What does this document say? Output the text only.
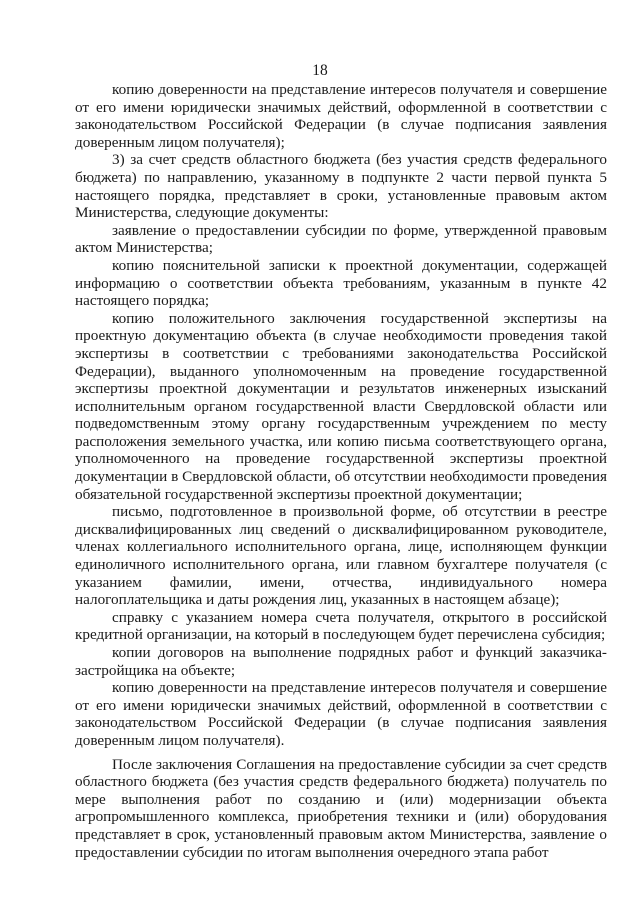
18

копию доверенности на представление интересов получателя и совершение от его имени юридически значимых действий, оформленной в соответствии с законодательством Российской Федерации (в случае подписания заявления доверенным лицом получателя);

3) за счет средств областного бюджета (без участия средств федерального бюджета) по направлению, указанному в подпункте 2 части первой пункта 5 настоящего порядка, представляет в сроки, установленные правовым актом Министерства, следующие документы:

заявление о предоставлении субсидии по форме, утвержденной правовым актом Министерства;

копию пояснительной записки к проектной документации, содержащей информацию о соответствии объекта требованиям, указанным в пункте 42 настоящего порядка;

копию положительного заключения государственной экспертизы на проектную документацию объекта (в случае необходимости проведения такой экспертизы в соответствии с требованиями законодательства Российской Федерации), выданного уполномоченным на проведение государственной экспертизы проектной документации и результатов инженерных изысканий исполнительным органом государственной власти Свердловской области или подведомственным этому органу государственным учреждением по месту расположения земельного участка, или копию письма соответствующего органа, уполномоченного на проведение государственной экспертизы проектной документации в Свердловской области, об отсутствии необходимости проведения обязательной государственной экспертизы проектной документации;

письмо, подготовленное в произвольной форме, об отсутствии в реестре дисквалифицированных лиц сведений о дисквалифицированном руководителе, членах коллегиального исполнительного органа, лице, исполняющем функции единоличного исполнительного органа, или главном бухгалтере получателя (с указанием фамилии, имени, отчества, индивидуального номера налогоплательщика и даты рождения лиц, указанных в настоящем абзаце);

справку с указанием номера счета получателя, открытого в российской кредитной организации, на который в последующем будет перечислена субсидия;

копии договоров на выполнение подрядных работ и функций заказчика-застройщика на объекте;

копию доверенности на представление интересов получателя и совершение от его имени юридически значимых действий, оформленной в соответствии с законодательством Российской Федерации (в случае подписания заявления доверенным лицом получателя).

После заключения Соглашения на предоставление субсидии за счет средств областного бюджета (без участия средств федерального бюджета) получатель по мере выполнения работ по созданию и (или) модернизации объекта агропромышленного комплекса, приобретения техники и (или) оборудования представляет в срок, установленный правовым актом Министерства, заявление о предоставлении субсидии по итогам выполнения очередного этапа работ
